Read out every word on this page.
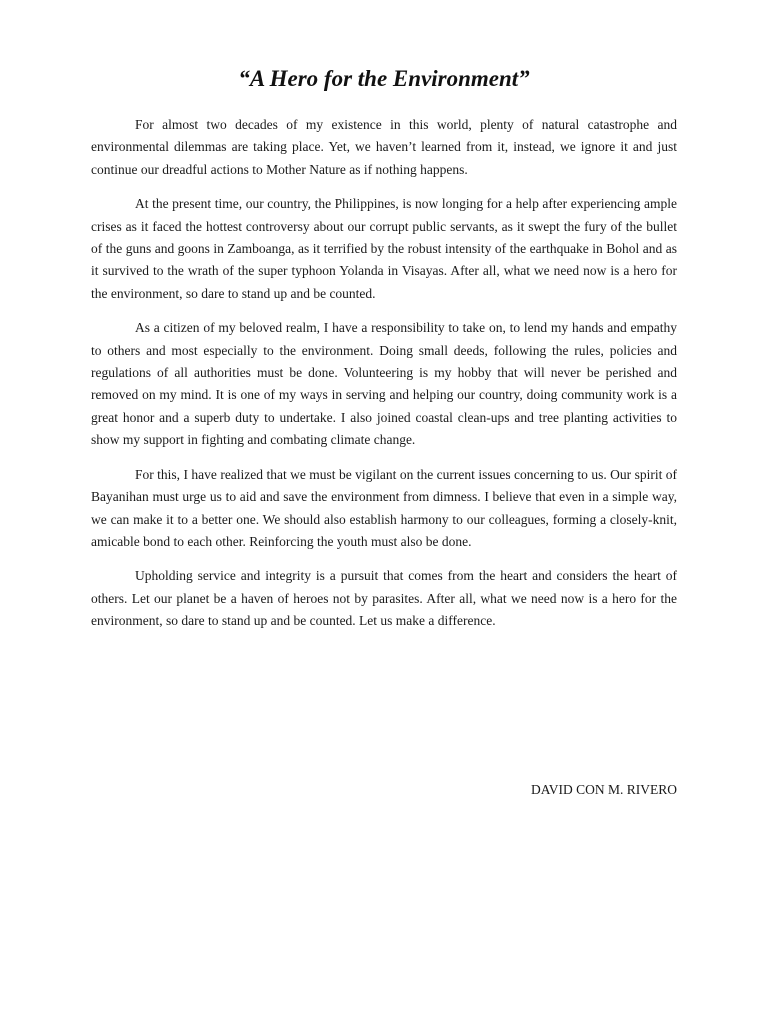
“A Hero for the Environment”

For almost two decades of my existence in this world, plenty of natural catastrophe and environmental dilemmas are taking place. Yet, we haven’t learned from it, instead, we ignore it and just continue our dreadful actions to Mother Nature as if nothing happens.

At the present time, our country, the Philippines, is now longing for a help after experiencing ample crises as it faced the hottest controversy about our corrupt public servants, as it swept the fury of the bullet of the guns and goons in Zamboanga, as it terrified by the robust intensity of the earthquake in Bohol and as it survived to the wrath of the super typhoon Yolanda in Visayas. After all, what we need now is a hero for the environment, so dare to stand up and be counted.

As a citizen of my beloved realm, I have a responsibility to take on, to lend my hands and empathy to others and most especially to the environment. Doing small deeds, following the rules, policies and regulations of all authorities must be done. Volunteering is my hobby that will never be perished and removed on my mind. It is one of my ways in serving and helping our country, doing community work is a great honor and a superb duty to undertake. I also joined coastal clean-ups and tree planting activities to show my support in fighting and combating climate change.

For this, I have realized that we must be vigilant on the current issues concerning to us. Our spirit of Bayanihan must urge us to aid and save the environment from dimness. I believe that even in a simple way, we can make it to a better one. We should also establish harmony to our colleagues, forming a closely-knit, amicable bond to each other. Reinforcing the youth must also be done.

Upholding service and integrity is a pursuit that comes from the heart and considers the heart of others. Let our planet be a haven of heroes not by parasites. After all, what we need now is a hero for the environment, so dare to stand up and be counted. Let us make a difference.

DAVID CON M. RIVERO
